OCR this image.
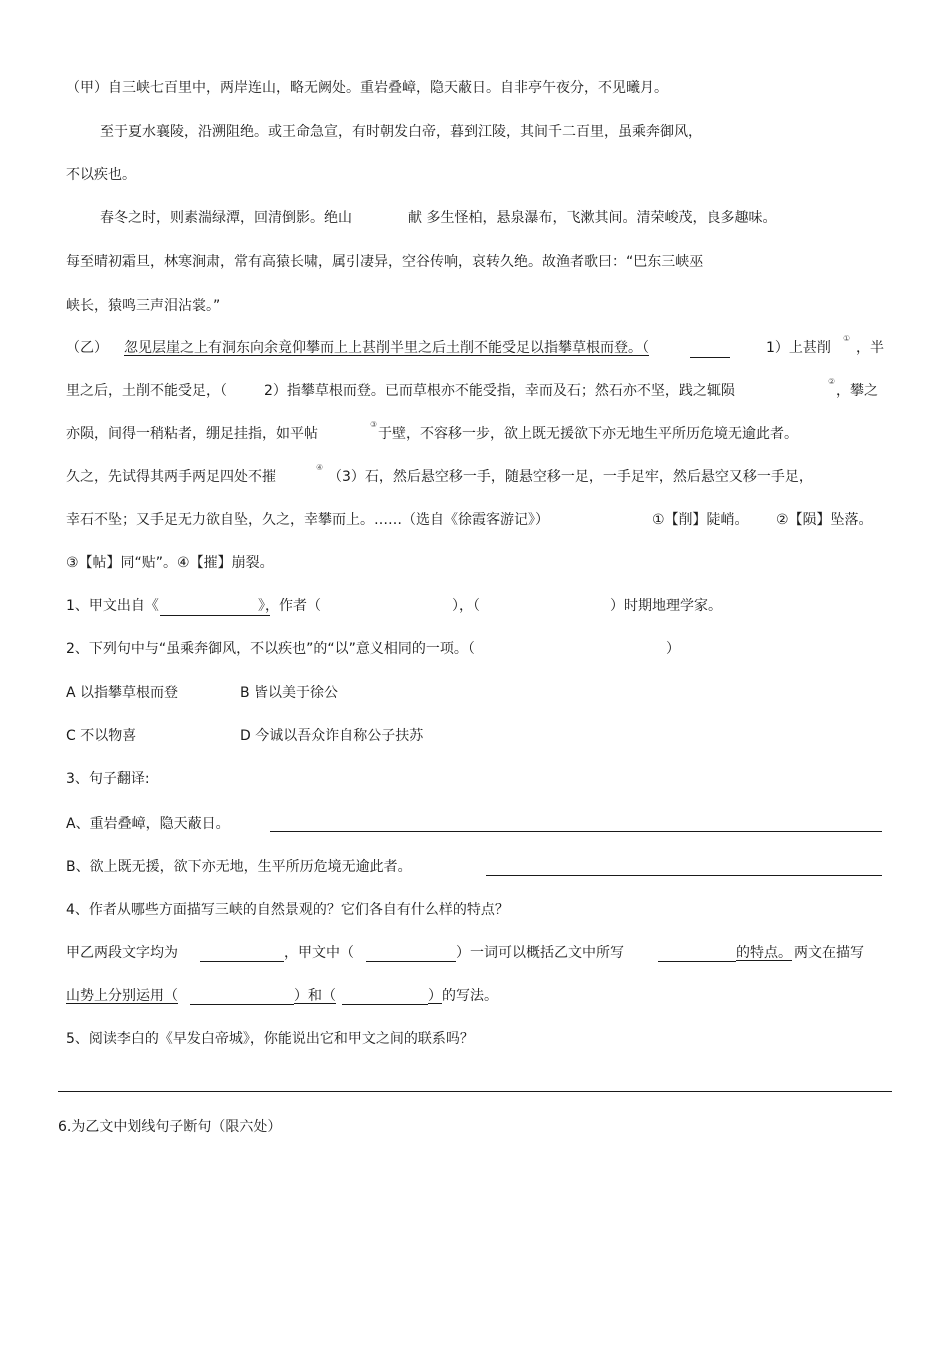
（甲）自三峡七百里中，两岸连山，略无阙处。重岩叠嶂，隐天蔽日。自非亭午夜分，不见曦月。
至于夏水襄陵，沿溯阻绝。或王命急宣，有时朝发白帝，暮到江陵，其间千二百里，虽乘奔御风，
不以疾也。
春冬之时，则素湍绿潭，回清倒影。绝山	献 多生怪柏，悬泉瀑布，飞漱其间。清荣峻茂，良多趣味。
每至晴初霜旦，林寒涧肃，常有高猿长啸，属引凄异，空谷传响，哀转久绝。故渔者歌曰：“巴东三峡巫
峡长，猿鸣三声泪沾裳。”
（乙） 忽见层崖之上有洞东向余竟仰攀而上上甚削半里之后土削不能受足以指攀草根而登。（	1）上甚削
①
，半
里之后，土削不能受足，（	2）指攀草根而登。已而草根亦不能受指，幸而及石；然石亦不坚，践之辄陨
②
，攀之
亦陨，间得一稍粘者，绷足挂指，如平帖
③
于壁，不容移一步，欲上既无援欲下亦无地生平所历危境无逾此者。
久之，先试得其两手两足四处不摧
④
（3）石，然后悬空移一手，随悬空移一足，一手足牢，然后悬空又移一手足，
幸石不坠；又手足无力欲自坠，久之，幸攀而上。……（选自《徐霞客游记》）	①【削】陡峭。 ②【陨】坠落。
③【帖】同“贴”。④【摧】崩裂。
1、甲文出自《	》，作者（	），（	）时期地理学家。
2、下列句中与“虽乘奔御风，不以疾也”的“以”意义相同的一项。（	）
A 以指攀草根而登	B 皆以美于徐公
C 不以物喜	D 今诚以吾众诈自称公子扶苏
3、句子翻译:
A、重岩叠嶂，隐天蔽日。
B、欲上既无援，欲下亦无地，生平所历危境无逾此者。
4、作者从哪些方面描写三峡的自然景观的？它们各自有什么样的特点？
甲乙两段文字均为	，甲文中（	）一词可以概括乙文中所写	的特点。 两文在描写
山势上分别运用（	）和（	） 的写法。
5、阅读李白的《早发白帝城》，你能说出它和甲文之间的联系吗？
6.为乙文中划线句子断句（限六处）
